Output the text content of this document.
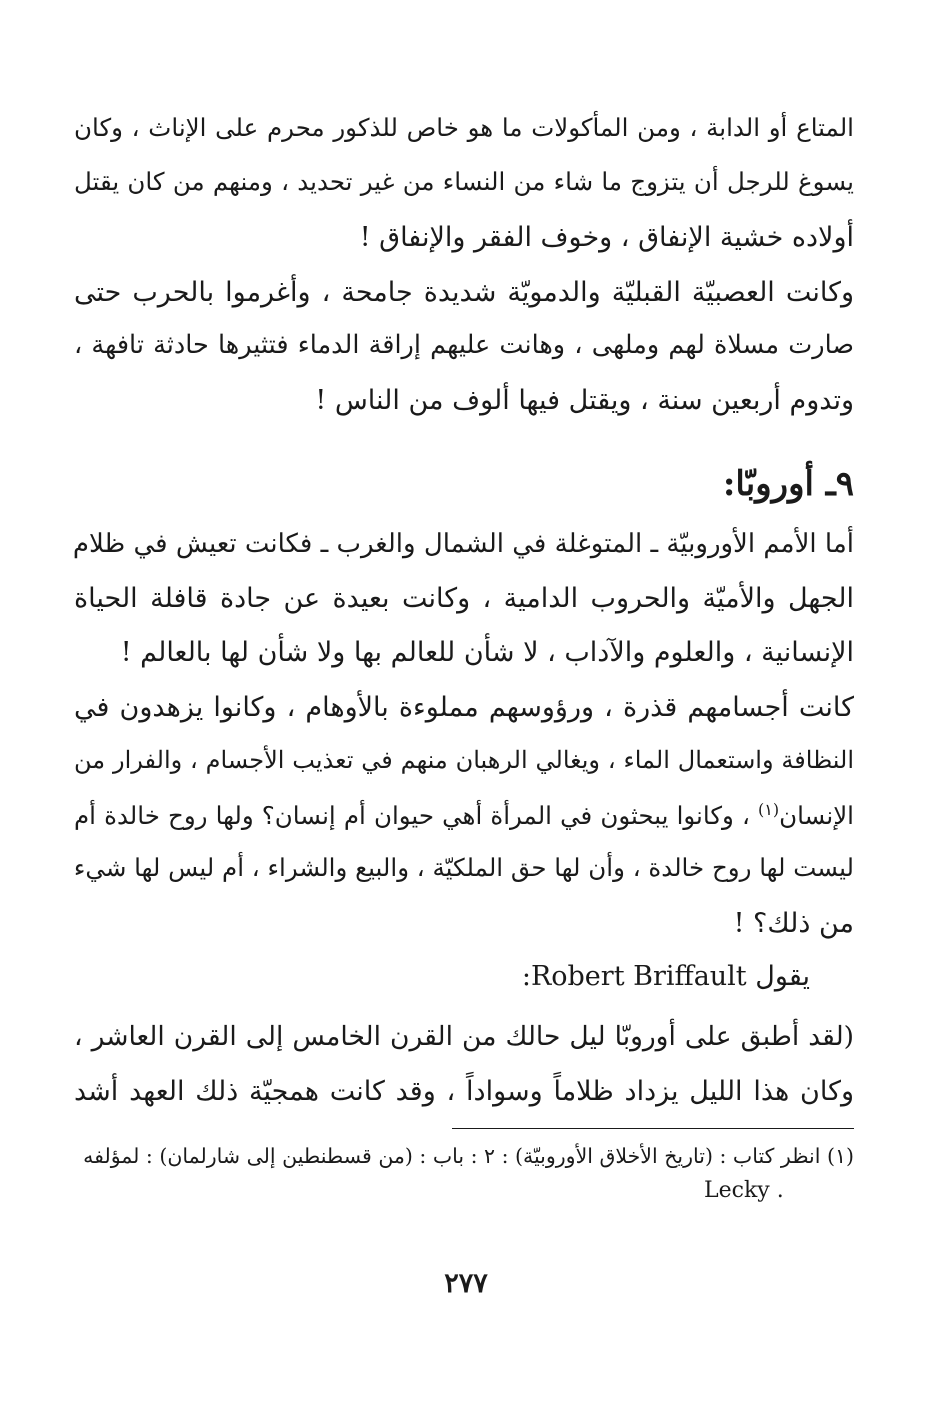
المتاع أو الدابة ، ومن المأكولات ما هو خاص للذكور محرم على الإناث ، وكان
يسوغ للرجل أن يتزوج ما شاء من النساء من غير تحديد ، ومنهم من كان يقتل
أولاده خشية الإنفاق ، وخوف الفقر والإنفاق !
وكانت العصبيّة القبليّة والدمويّة شديدة جامحة ، وأغرموا بالحرب حتى
صارت مسلاة لهم وملهى ، وهانت عليهم إراقة الدماء فتثيرها حادثة تافهة ،
وتدوم أربعين سنة ، ويقتل فيها ألوف من الناس !
٩ـ أوروبّا:
أما الأمم الأوروبيّة ـ المتوغلة في الشمال والغرب ـ فكانت تعيش في ظلام
الجهل والأميّة والحروب الدامية ، وكانت بعيدة عن جادة قافلة الحياة
الإنسانية ، والعلوم والآداب ، لا شأن للعالم بها ولا شأن لها بالعالم !
كانت أجسامهم قذرة ، ورؤوسهم مملوءة بالأوهام ، وكانوا يزهدون في
النظافة واستعمال الماء ، ويغالي الرهبان منهم في تعذيب الأجسام ، والفرار من
الإنسان$^{(١)}$ ، وكانوا يبحثون في المرأة أهي حيوان أم إنسان؟ ولها روح خالدة أم
ليست لها روح خالدة ، وأن لها حق الملكيّة ، والبيع والشراء ، أم ليس لها شيء
من ذلك؟ !
يقول Robert Briffault:
(لقد أطبق على أوروبّا ليل حالك من القرن الخامس إلى القرن العاشر ،
وكان هذا الليل يزداد ظلاماً وسواداً ، وقد كانت همجيّة ذلك العهد أشد
(١) انظر كتاب : (تاريخ الأخلاق الأوروبيّة) : ٢ : باب : (من قسطنطين إلى شارلمان) : لمؤلفه
Lecky .
٢٧٧
